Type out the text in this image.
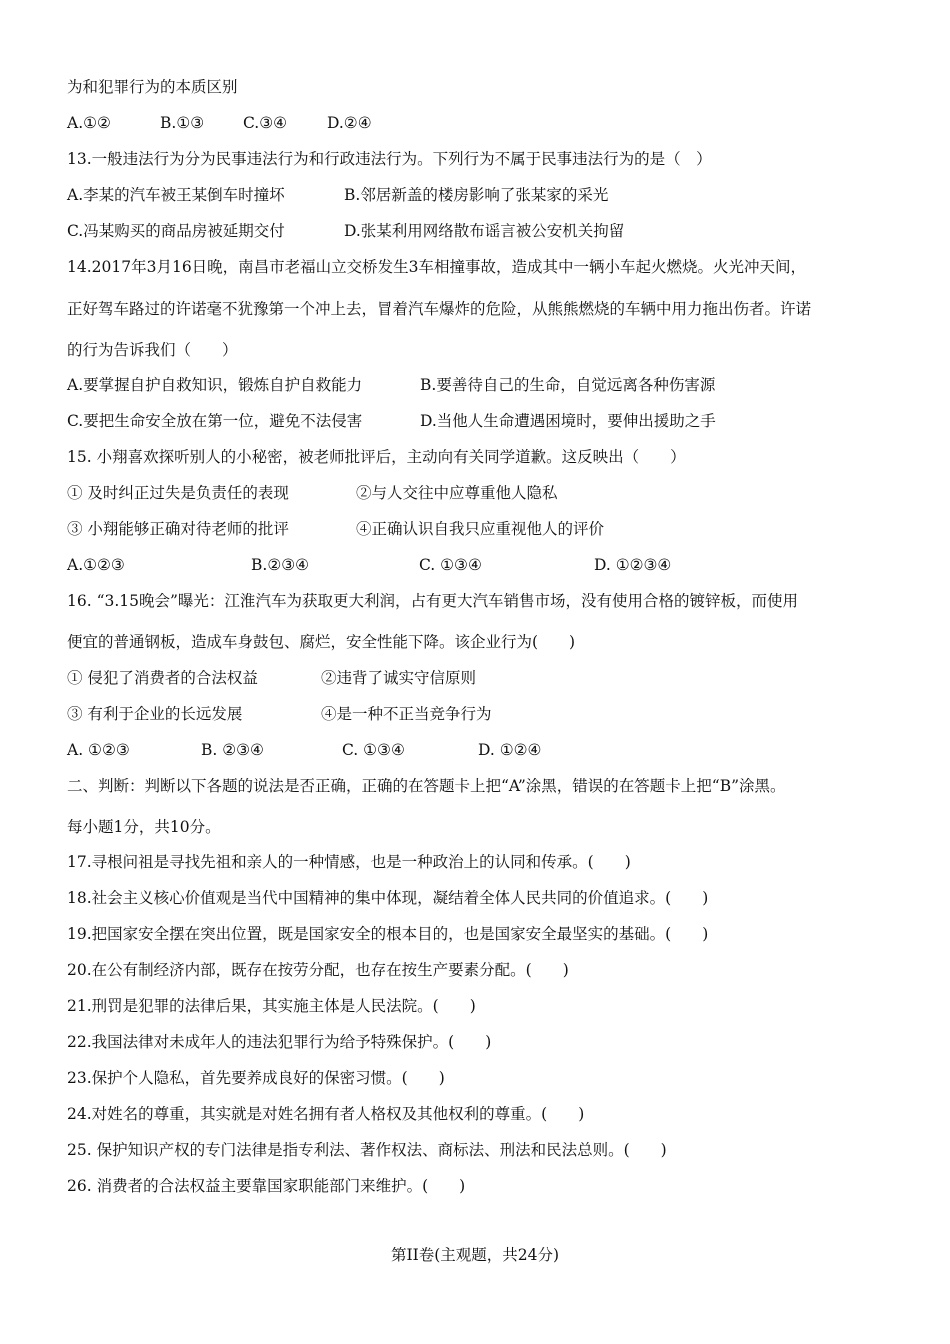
为和犯罪行为的本质区别
A.①②	B.①③	C.③④	D.②④
13.一般违法行为分为民事违法行为和行政违法行为。下列行为不属于民事违法行为的是（　）
A.李某的汽车被王某倒车时撞坏	B.邻居新盖的楼房影响了张某家的采光
C.冯某购买的商品房被延期交付	D.张某利用网络散布谣言被公安机关拘留
14.2017年3月16日晚，南昌市老福山立交桥发生3车相撞事故，造成其中一辆小车起火燃烧。火光冲天间，
正好驾车路过的许诺毫不犹豫第一个冲上去，冒着汽车爆炸的危险，从熊熊燃烧的车辆中用力拖出伤者。许诺
的行为告诉我们（　　）
A.要掌握自护自救知识，锻炼自护自救能力	B.要善待自己的生命，自觉远离各种伤害源
C.要把生命安全放在第一位，避免不法侵害	D.当他人生命遭遇困境时，要伸出援助之手
15. 小翔喜欢探听别人的小秘密，被老师批评后，主动向有关同学道歉。这反映出（　　）
① 及时纠正过失是负责任的表现	②与人交往中应尊重他人隐私
③ 小翔能够正确对待老师的批评	④正确认识自我只应重视他人的评价
A.①②③	B.②③④	C. ①③④	D. ①②③④
16. “3.15晚会”曝光：江淮汽车为获取更大利润，占有更大汽车销售市场，没有使用合格的镀锌板，而使用
便宜的普通钢板，造成车身鼓包、腐烂，安全性能下降。该企业行为(　　)
① 侵犯了消费者的合法权益	②违背了诚实守信原则
③ 有利于企业的长远发展	④是一种不正当竞争行为
A. ①②③	B. ②③④	C. ①③④	D. ①②④
二、判断：判断以下各题的说法是否正确，正确的在答题卡上把“A”涂黑，错误的在答题卡上把“B”涂黑。
每小题1分，共10分。
17.寻根问祖是寻找先祖和亲人的一种情感，也是一种政治上的认同和传承。(　　)
18.社会主义核心价值观是当代中国精神的集中体现，凝结着全体人民共同的价值追求。(　　)
19.把国家安全摆在突出位置，既是国家安全的根本目的，也是国家安全最坚实的基础。(　　)
20.在公有制经济内部，既存在按劳分配，也存在按生产要素分配。(　　)
21.刑罚是犯罪的法律后果，其实施主体是人民法院。(　　)
22.我国法律对未成年人的违法犯罪行为给予特殊保护。(　　)
23.保护个人隐私，首先要养成良好的保密习惯。(　　)
24.对姓名的尊重，其实就是对姓名拥有者人格权及其他权利的尊重。(　　)
25. 保护知识产权的专门法律是指专利法、著作权法、商标法、刑法和民法总则。(　　)
26. 消费者的合法权益主要靠国家职能部门来维护。(　　)
第II卷(主观题，共24分)
